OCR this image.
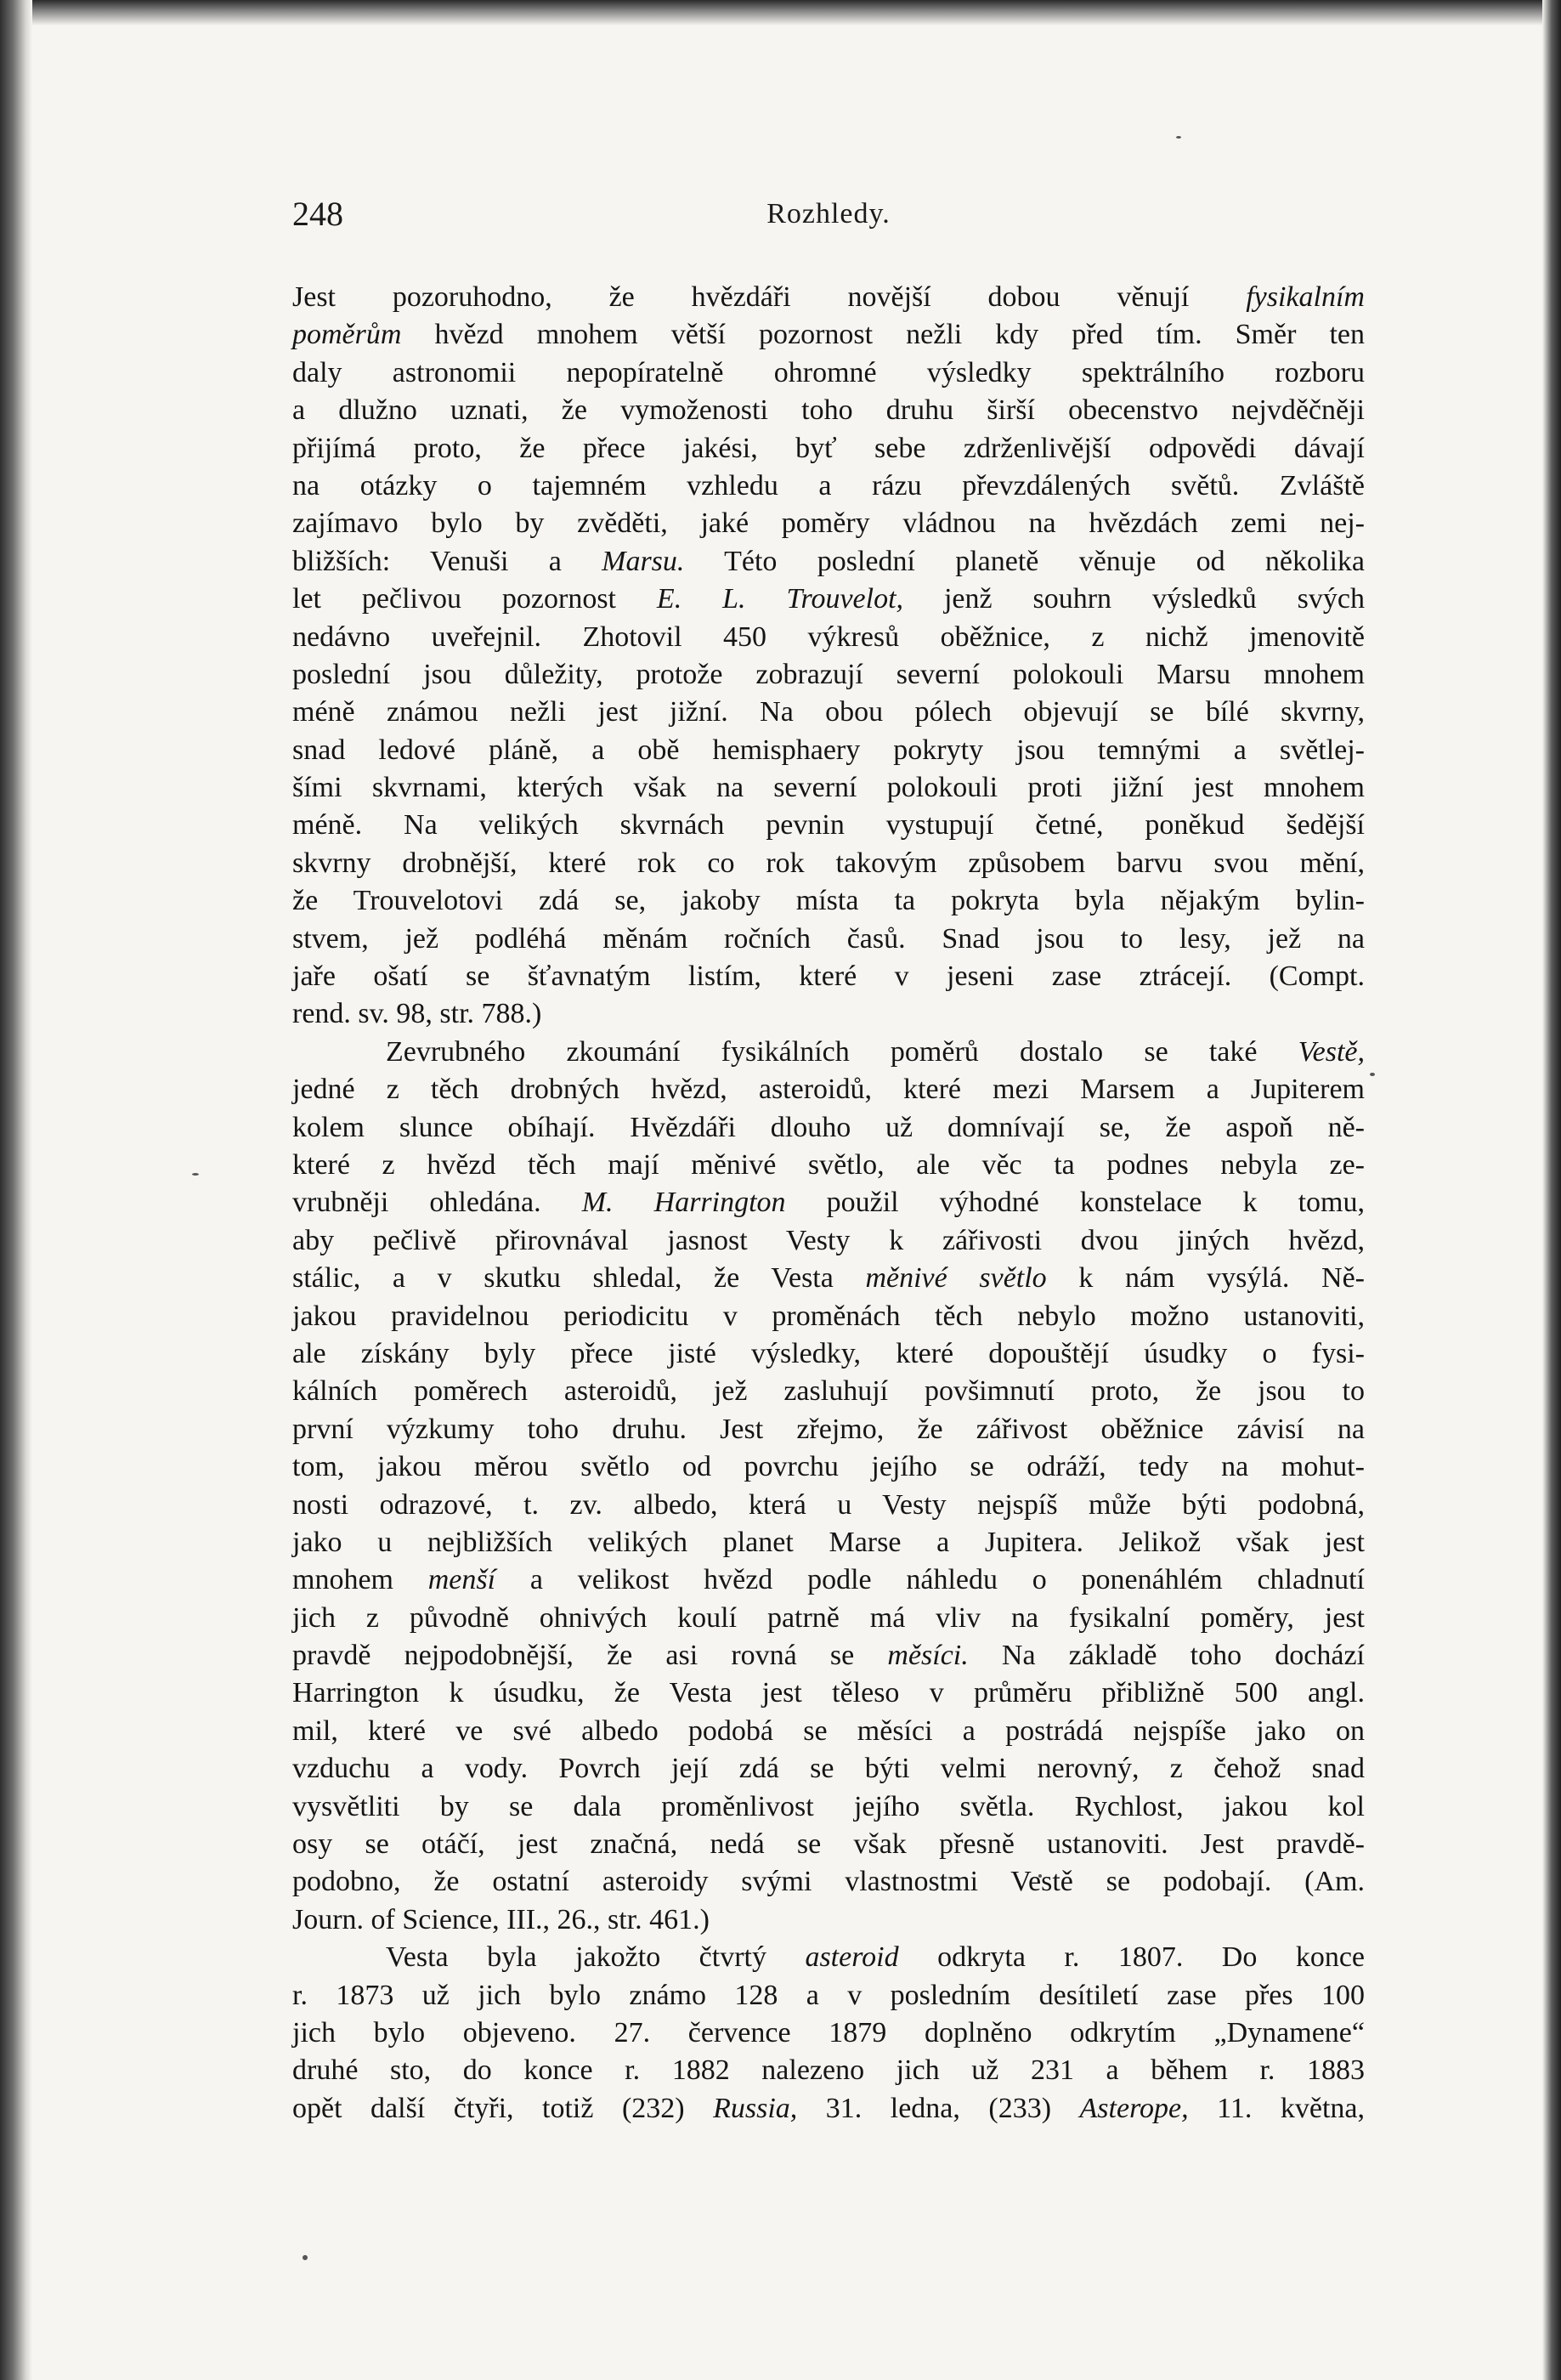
248	Rozhledy.
Jest pozoruhodno, že hvězdáři novější dobou věnují fysikalním
poměrům hvězd mnohem větší pozornost nežli kdy před tím. Směr ten
daly astronomii nepopíratelně ohromné výsledky spektrálního rozboru
a dlužno uznati, že vymoženosti toho druhu širší obecenstvo nejvděčněji
přijímá proto, že přece jakési, byť sebe zdrženlivější odpovědi dávají
na otázky o tajemném vzhledu a rázu převzdálených světů. Zvláště
zajímavo bylo by zvěděti, jaké poměry vládnou na hvězdách zemi nej-
bližších: Venuši a Marsu. Této poslední planetě věnuje od několika
let pečlivou pozornost E. L. Trouvelot, jenž souhrn výsledků svých
nedávno uveřejnil. Zhotovil 450 výkresů oběžnice, z nichž jmenovitě
poslední jsou důležity, protože zobrazují severní polokouli Marsu mnohem
méně známou nežli jest jižní. Na obou pólech objevují se bílé skvrny,
snad ledové pláně, a obě hemisphaery pokryty jsou temnými a světlej-
šími skvrnami, kterých však na severní polokouli proti jižní jest mnohem
méně. Na velikých skvrnách pevnin vystupují četné, poněkud šedější
skvrny drobnější, které rok co rok takovým způsobem barvu svou mění,
že Trouvelotovi zdá se, jakoby místa ta pokryta byla nějakým bylin-
stvem, jež podléhá měnám ročních časů. Snad jsou to lesy, jež na
jaře ošatí se šťavnatým listím, které v jeseni zase ztrácejí. (Compt.
rend. sv. 98, str. 788.)
Zevrubného zkoumání fysikálních poměrů dostalo se také Vestě,
jedné z těch drobných hvězd, asteroidů, které mezi Marsem a Jupiterem
kolem slunce obíhají. Hvězdáři dlouho už domnívají se, že aspoň ně-
které z hvězd těch mají měnivé světlo, ale věc ta podnes nebyla ze-
vrubněji ohledána. M. Harrington použil výhodné konstelace k tomu,
aby pečlivě přirovnával jasnost Vesty k zářivosti dvou jiných hvězd,
stálic, a v skutku shledal, že Vesta měnivé světlo k nám vysýlá. Ně-
jakou pravidelnou periodicitu v proměnách těch nebylo možno ustanoviti,
ale získány byly přece jisté výsledky, které dopouštějí úsudky o fysi-
kálních poměrech asteroidů, jež zasluhují povšimnutí proto, že jsou to
první výzkumy toho druhu. Jest zřejmo, že zářivost oběžnice závisí na
tom, jakou měrou světlo od povrchu jejího se odráží, tedy na mohut-
nosti odrazové, t. zv. albedo, která u Vesty nejspíš může býti podobná,
jako u nejbližších velikých planet Marse a Jupitera. Jelikož však jest
mnohem menší a velikost hvězd podle náhledu o ponenáhlém chladnutí
jich z původně ohnivých koulí patrně má vliv na fysikalní poměry, jest
pravdě nejpodobnější, že asi rovná se měsíci. Na základě toho dochází
Harrington k úsudku, že Vesta jest těleso v průměru přibližně 500 angl.
mil, které ve své albedo podobá se měsíci a postrádá nejspíše jako on
vzduchu a vody. Povrch její zdá se býti velmi nerovný, z čehož snad
vysvětliti by se dala proměnlivost jejího světla. Rychlost, jakou kol
osy se otáčí, jest značná, nedá se však přesně ustanoviti. Jest pravdě-
podobno, že ostatní asteroidy svými vlastnostmi Vestě se podobají. (Am.
Journ. of Science, III., 26., str. 461.)
Vesta byla jakožto čtvrtý asteroid odkryta r. 1807. Do konce
r. 1873 už jich bylo známo 128 a v posledním desítiletí zase přes 100
jich bylo objeveno. 27. července 1879 doplněno odkrytím „Dynamene“
druhé sto, do konce r. 1882 nalezeno jich už 231 a během r. 1883
opět další čtyři, totiž (232) Russia, 31. ledna, (233) Asterope, 11. května,
